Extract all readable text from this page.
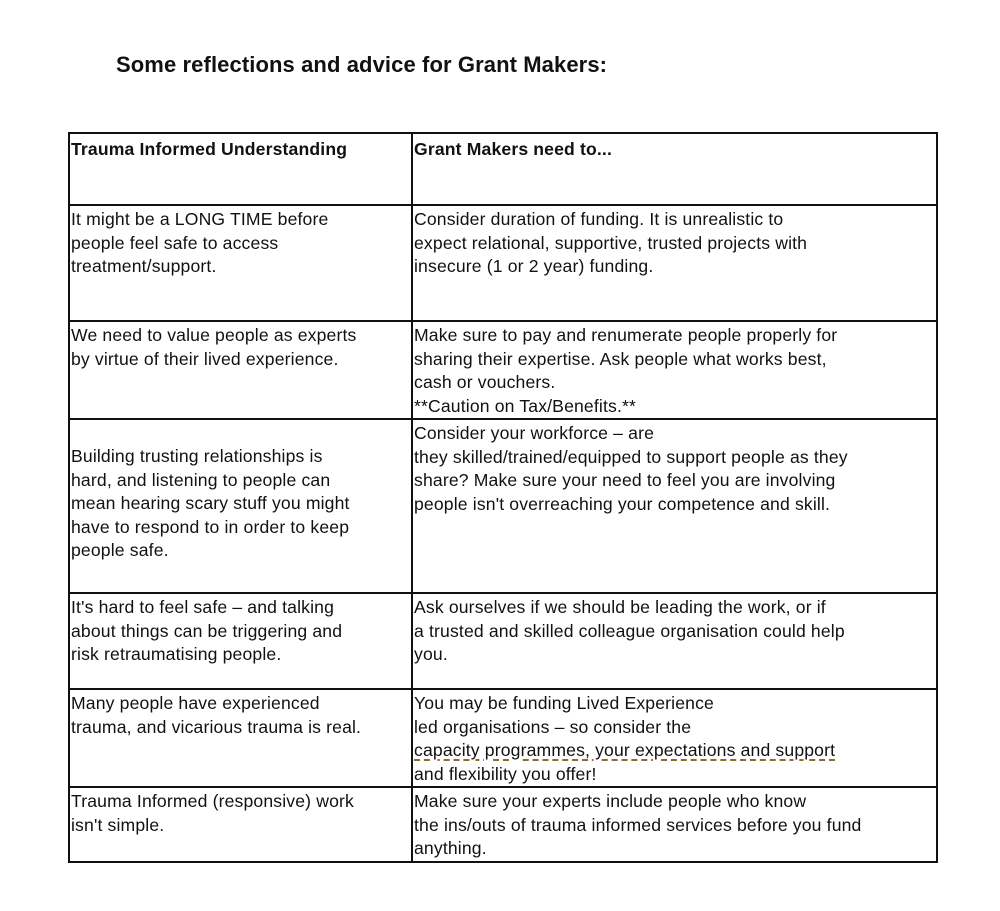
Some reflections and advice for Grant Makers:
Trauma Informed Understanding	Grant Makers need to...

It might be a LONG TIME before
people feel safe to access
treatment/support.	Consider duration of funding. It is unrealistic to
expect relational, supportive, trusted projects with
insecure (1 or 2 year) funding.

We need to value people as experts
by virtue of their lived experience.	Make sure to pay and renumerate people properly for
sharing their expertise. Ask people what works best,
cash or vouchers.
**Caution on Tax/Benefits.**

Building trusting relationships is
hard, and listening to people can
mean hearing scary stuff you might
have to respond to in order to keep
people safe.	Consider your workforce – are
they skilled/trained/equipped to support people as they
share? Make sure your need to feel you are involving
people isn't overreaching your competence and skill.

It's hard to feel safe – and talking
about things can be triggering and
risk retraumatising people.	Ask ourselves if we should be leading the work, or if
a trusted and skilled colleague organisation could help
you.

Many people have experienced
trauma, and vicarious trauma is real.	You may be funding Lived Experience
led organisations – so consider the
capacity programmes, your expectations and support
and flexibility you offer!

Trauma Informed (responsive) work
isn't simple.	Make sure your experts include people who know
the ins/outs of trauma informed services before you fund
anything.
